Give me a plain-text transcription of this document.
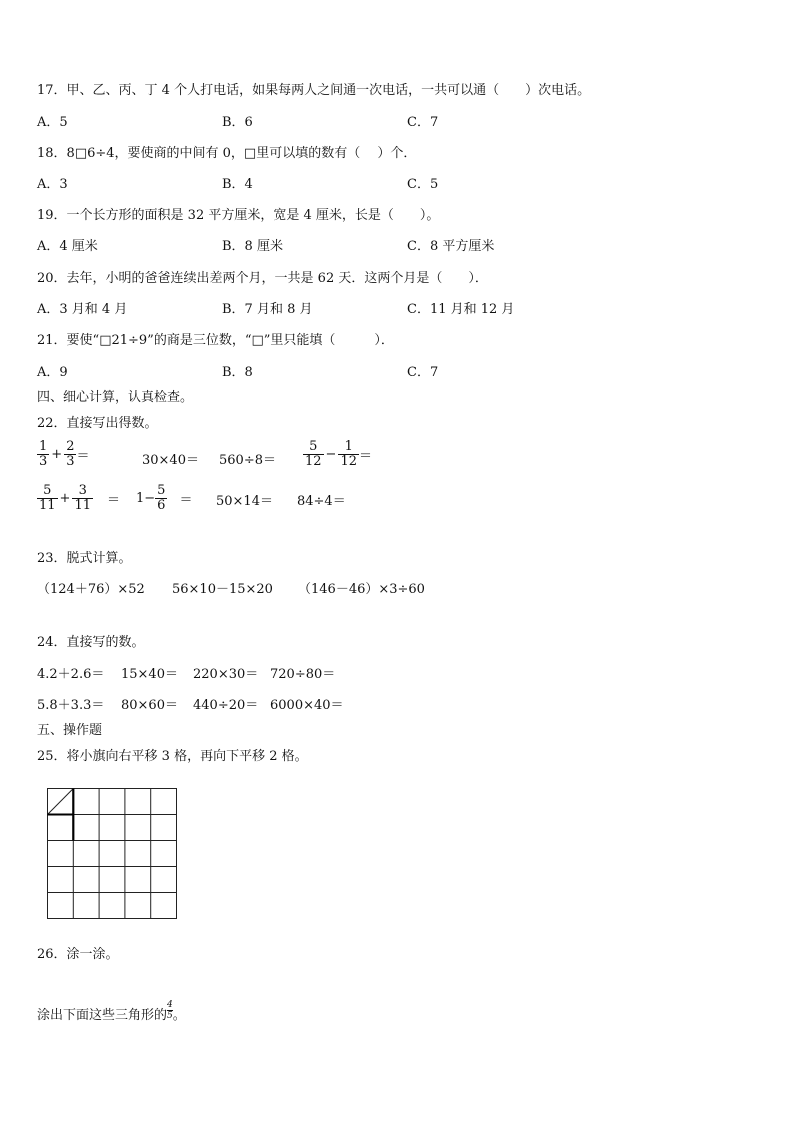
17．甲、乙、丙、丁 4 个人打电话，如果每两人之间通一次电话，一共可以通（　　）次电话。
A．5	B．6	C．7
18．8□6÷4，要使商的中间有 0，□里可以填的数有（　 ）个．
A．3	B．4	C．5
19．一个长方形的面积是 32 平方厘米，宽是 4 厘米，长是（　　）。
A．4 厘米	B．8 厘米	C．8 平方厘米
20．去年，小明的爸爸连续出差两个月，一共是 62 天．这两个月是（　　）．
A．3 月和 4 月	B．7 月和 8 月	C．11 月和 12 月
21．要使“□21÷9”的商是三位数，“□”里只能填（　　　）．
A．9	B．8	C．7
四、细心计算，认真检查。
22．直接写出得数。
$\frac{1}{3} + \frac{2}{3}$ ＝	$30\times 40= 560\div 8= \frac{5}{12} - \frac{1}{12}$ ＝
$\frac{5}{11} + \frac{3}{11} = 1- \frac{5}{6} = 50\times 14= 84\div 4=$
23．脱式计算。
（124＋76）×52 56×10－15×20 （146－46）×3÷60
24．直接写的数。
4.2＋2.6＝ 15×40＝ 220×30＝ 720÷80＝
5.8＋3.3＝ 80×60＝ 440÷20＝ 6000×40＝
五、操作题
25．将小旗向右平移 3 格，再向下平移 2 格。
26．涂一涂。
涂出下面这些三角形的 $\frac{4}{5}$ 。
